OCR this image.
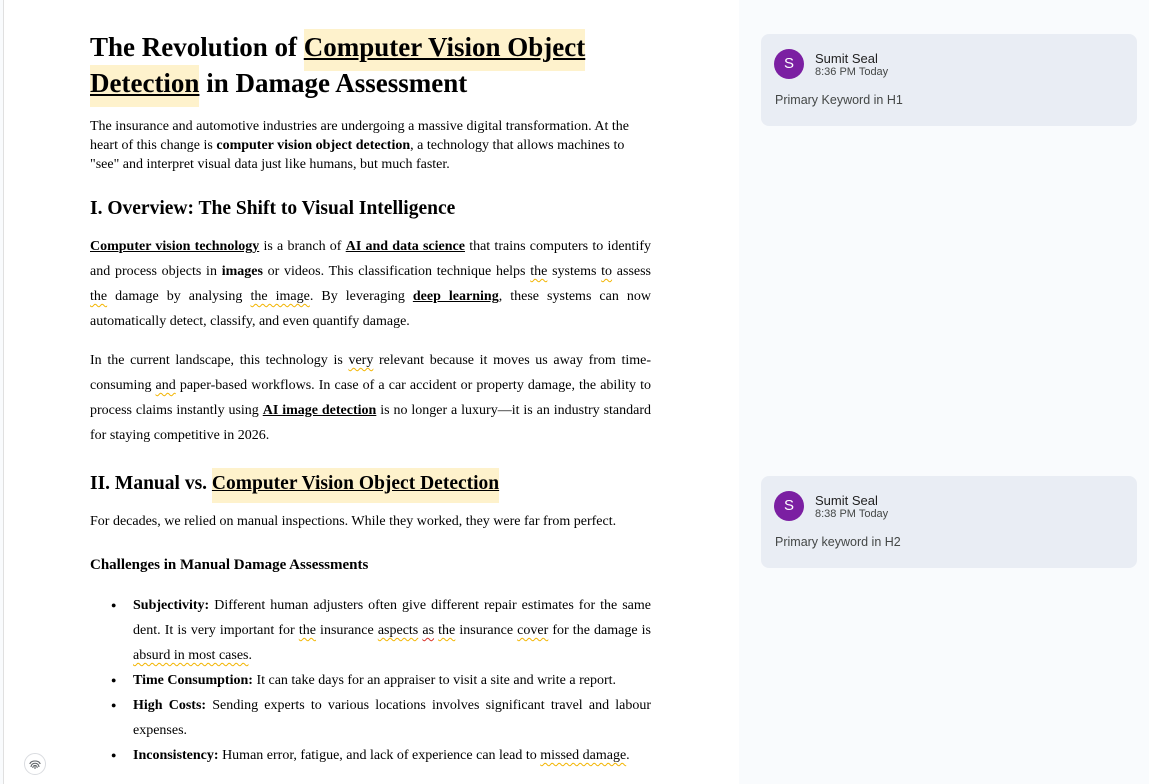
The Revolution of Computer Vision Object
Detection in Damage Assessment

The insurance and automotive industries are undergoing a massive digital transformation. At the heart of this change is computer vision object detection, a technology that allows machines to "see" and interpret visual data just like humans, but much faster.

I. Overview: The Shift to Visual Intelligence

Computer vision technology is a branch of AI and data science that trains computers to identify and process objects in images or videos. This classification technique helps the systems to assess the damage by analysing the image. By leveraging deep learning, these systems can now automatically detect, classify, and even quantify damage.

In the current landscape, this technology is very relevant because it moves us away from time-consuming and paper-based workflows. In case of a car accident or property damage, the ability to process claims instantly using AI image detection is no longer a luxury—it is an industry standard for staying competitive in 2026.

II. Manual vs. Computer Vision Object Detection

For decades, we relied on manual inspections. While they worked, they were far from perfect.

Challenges in Manual Damage Assessments
● Subjectivity: Different human adjusters often give different repair estimates for the same dent. It is very important for the insurance aspects as the insurance cover for the damage is absurd in most cases.
● Time Consumption: It can take days for an appraiser to visit a site and write a report.
● High Costs: Sending experts to various locations involves significant travel and labour expenses.
● Inconsistency: Human error, fatigue, and lack of experience can lead to missed damage.
S	Sumit Seal
8:36 PM Today
Primary Keyword in H1
S	Sumit Seal
8:38 PM Today
Primary keyword in H2
